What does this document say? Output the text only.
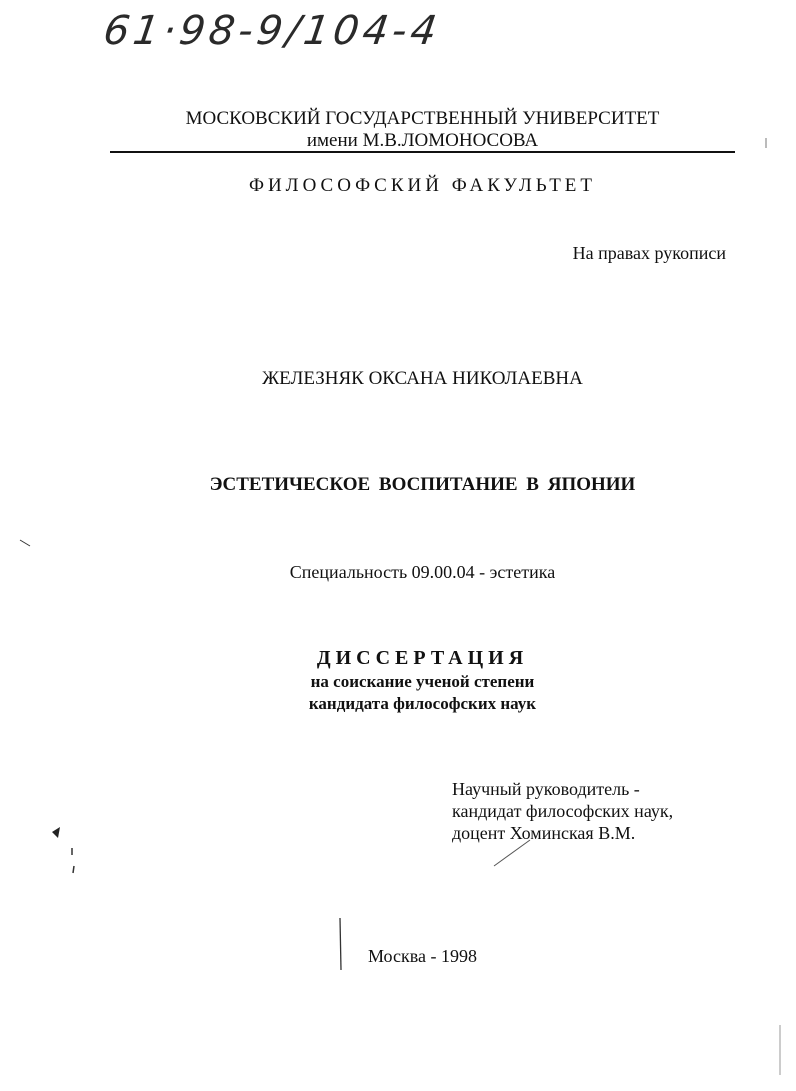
61·98-9/104-4
МОСКОВСКИЙ ГОСУДАРСТВЕННЫЙ УНИВЕРСИТЕТ
имени М.В.ЛОМОНОСОВА
ФИЛОСОФСКИЙ ФАКУЛЬТЕТ
На правах рукописи
ЖЕЛЕЗНЯК ОКСАНА НИКОЛАЕВНА
ЭСТЕТИЧЕСКОЕ ВОСПИТАНИЕ В ЯПОНИИ
Специальность 09.00.04 - эстетика
ДИССЕРТАЦИЯ
на соискание ученой степени
кандидата философских наук
Научный руководитель -
кандидат философских наук,
доцент Хоминская В.М.
Москва - 1998
